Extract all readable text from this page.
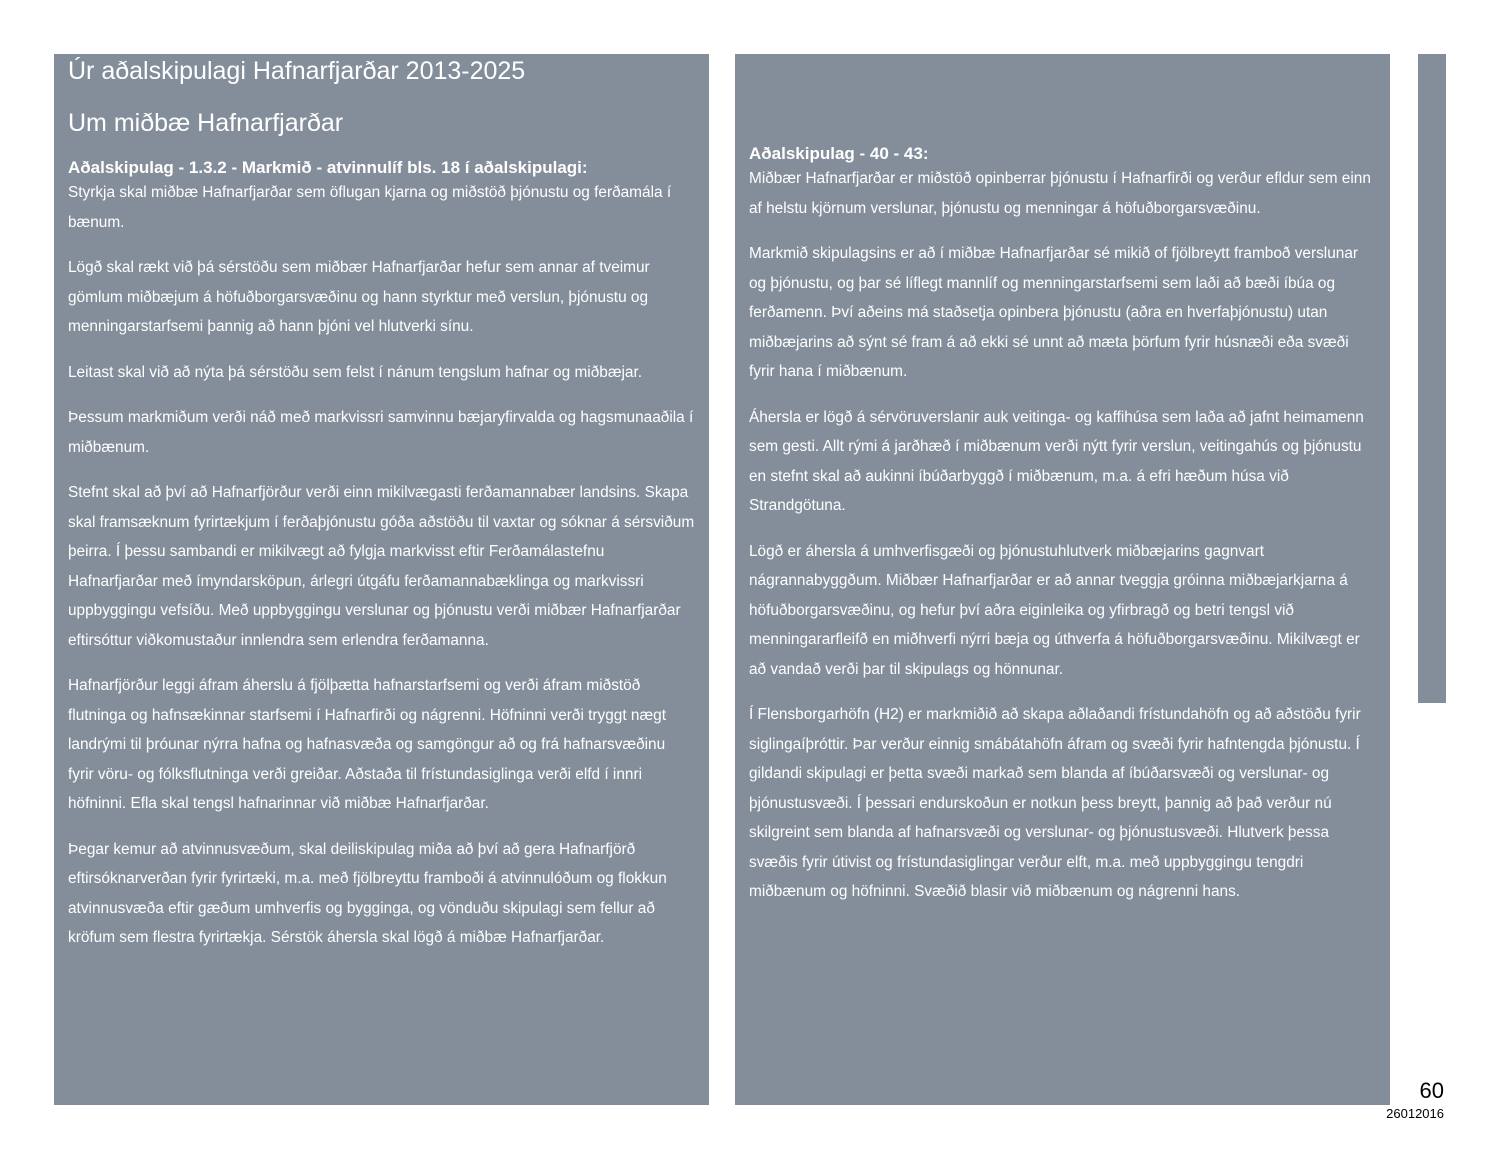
Úr aðalskipulagi Hafnarfjarðar 2013-2025
Um miðbæ Hafnarfjarðar
Aðalskipulag - 1.3.2 - Markmið - atvinnulíf bls. 18 í aðalskipulagi:

Styrkja skal miðbæ Hafnarfjarðar sem öflugan kjarna og miðstöð þjónustu og ferðamála í bænum.

Lögð skal rækt við þá sérstöðu sem miðbær Hafnarfjarðar hefur sem annar af tveimur gömlum miðbæjum á höfuðborgarsvæðinu og hann styrktur með verslun, þjónustu og menningarstarfsemi þannig að hann þjóni vel hlutverki sínu.

Leitast skal við að nýta þá sérstöðu sem felst í nánum tengslum hafnar og miðbæjar.

Þessum markmiðum verði náð með markvissri samvinnu bæjaryfirvalda og hagsmunaaðila í miðbænum.

Stefnt skal að því að Hafnarfjörður verði einn mikilvægasti ferðamannabær landsins. Skapa skal framsæknum fyrirtækjum í ferðaþjónustu góða aðstöðu til vaxtar og sóknar á sérsviðum þeirra. Í þessu sambandi er mikilvægt að fylgja markvisst eftir Ferðamálastefnu Hafnarfjarðar með ímyndarsköpun, árlegri útgáfu ferðamannabæklinga og markvissri uppbyggingu vefsíðu. Með uppbyggingu verslunar og þjónustu verði miðbær Hafnarfjarðar eftirsóttur viðkomustaður innlendra sem erlendra ferðamanna.

Hafnarfjörður leggi áfram áherslu á fjölþætta hafnarstarfsemi og verði áfram miðstöð flutninga og hafnsækinnar starfsemi í Hafnarfirði og nágrenni. Höfninni verði tryggt nægt landrými til þróunar nýrra hafna og hafnasvæða og samgöngur að og frá hafnarsvæðinu fyrir vöru- og fólksflutninga verði greiðar. Aðstaða til frístundasiglinga verði elfd í innri höfninni. Efla skal tengsl hafnarinnar við miðbæ Hafnarfjarðar.

Þegar kemur að atvinnusvæðum, skal deiliskipulag miða að því að gera Hafnarfjörð eftirsóknarverðan fyrir fyrirtæki, m.a. með fjölbreyttu framboði á atvinnulóðum og flokkun atvinnusvæða eftir gæðum umhverfis og bygginga, og vönduðu skipulagi sem fellur að kröfum sem flestra fyrirtækja. Sérstök áhersla skal lögð á miðbæ Hafnarfjarðar.

Aðalskipulag - 40 - 43:

Miðbær Hafnarfjarðar er miðstöð opinberrar þjónustu í Hafnarfirði og verður efldur sem einn af helstu kjörnum verslunar, þjónustu og menningar á höfuðborgarsvæðinu.

Markmið skipulagsins er að í miðbæ Hafnarfjarðar sé mikið of fjölbreytt framboð verslunar og þjónustu, og þar sé líflegt mannlíf og menningarstarfsemi sem laði að bæði íbúa og ferðamenn. Því aðeins má staðsetja opinbera þjónustu (aðra en hverfaþjónustu) utan miðbæjarins að sýnt sé fram á að ekki sé unnt að mæta þörfum fyrir húsnæði eða svæði fyrir hana í miðbænum.

Áhersla er lögð á sérvöruverslanir auk veitinga- og kaffihúsa sem laða að jafnt heimamenn sem gesti. Allt rými á jarðhæð í miðbænum verði nýtt fyrir verslun, veitingahús og þjónustu en stefnt skal að aukinni íbúðarbyggð í miðbænum, m.a. á efri hæðum húsa við Strandgötuna.

Lögð er áhersla á umhverfisgæði og þjónustuhlutverk miðbæjarins gagnvart nágrannabyggðum. Miðbær Hafnarfjarðar er að annar tveggja gróinna miðbæjarkjarna á höfuðborgarsvæðinu, og hefur því aðra eiginleika og yfirbragð og betri tengsl við menningararfleifð en miðhverfi nýrri bæja og úthverfa á höfuðborgarsvæðinu. Mikilvægt er að vandað verði þar til skipulags og hönnunar.

Í Flensborgarhöfn (H2) er markmiðið að skapa aðlaðandi frístundahöfn og að aðstöðu fyrir siglingaíþróttir. Þar verður einnig smábátahöfn áfram og svæði fyrir hafntengda þjónustu. Í gildandi skipulagi er þetta svæði markað sem blanda af íbúðarsvæði og verslunar- og þjónustusvæði. Í þessari endurskoðun er notkun þess breytt, þannig að það verður nú skilgreint sem blanda af hafnarsvæði og verslunar- og þjónustusvæði. Hlutverk þessa svæðis fyrir útivist og frístundasiglingar verður elft, m.a. með uppbyggingu tengdri miðbænum og höfninni. Svæðið blasir við miðbænum og nágrenni hans.

60
26012016
